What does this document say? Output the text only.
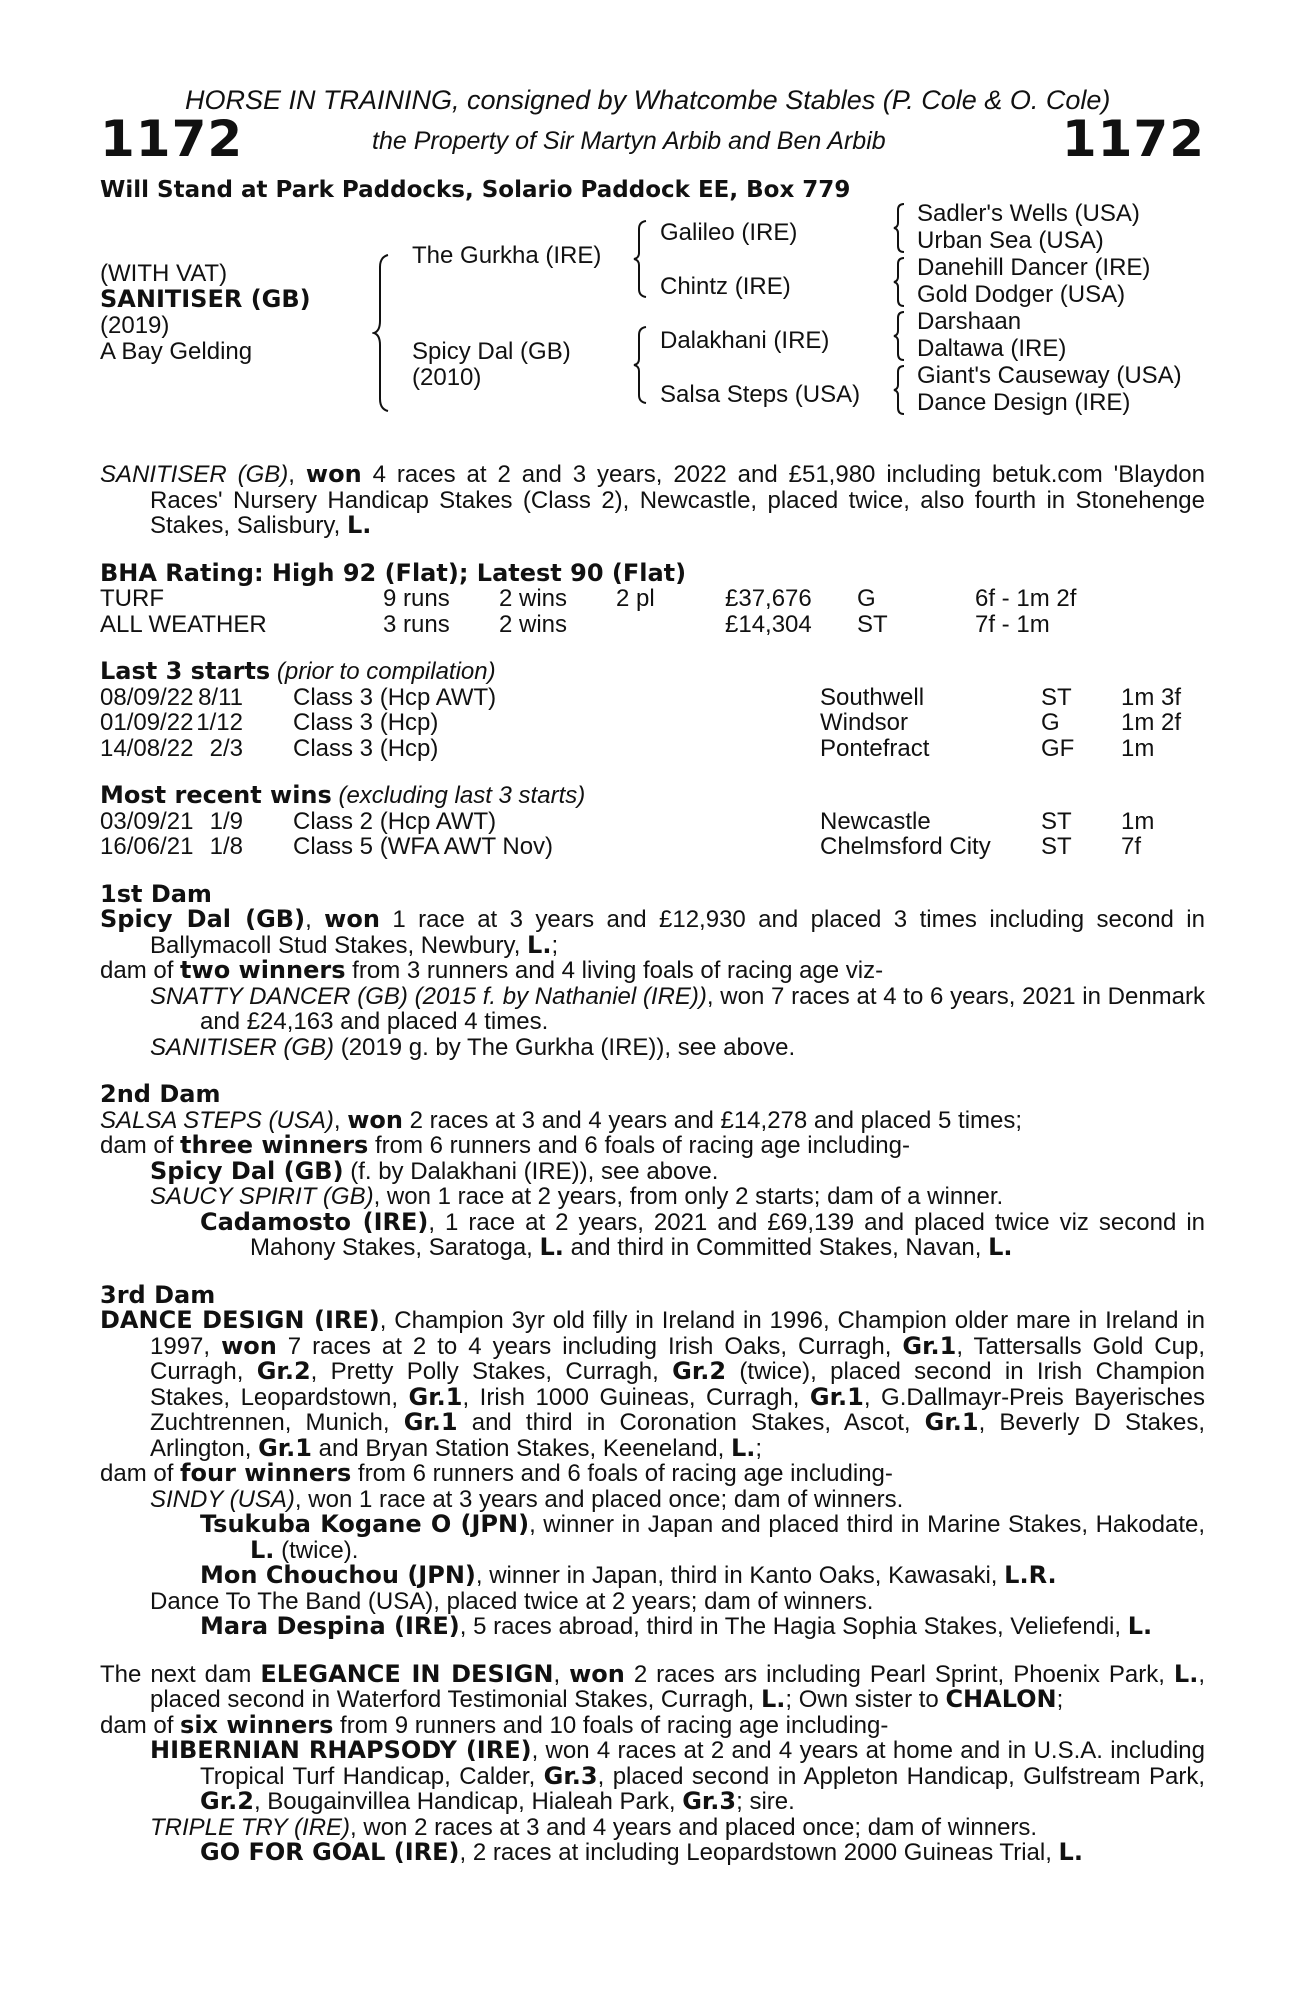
HORSE IN TRAINING, consigned by Whatcombe Stables (P. Cole & O. Cole)
1172	the Property of Sir Martyn Arbib and Ben Arbib	1172
Will Stand at Park Paddocks, Solario Paddock EE, Box 779
(WITH VAT)
SANITISER (GB)
(2019)
A Bay Gelding
The Gurkha (IRE)
Spicy Dal (GB)
(2010)
Galileo (IRE)
Chintz (IRE)
Dalakhani (IRE)
Salsa Steps (USA)
Sadler's Wells (USA)
Urban Sea (USA)
Danehill Dancer (IRE)
Gold Dodger (USA)
Darshaan
Daltawa (IRE)
Giant's Causeway (USA)
Dance Design (IRE)
SANITISER (GB), won 4 races at 2 and 3 years, 2022 and £51,980 including betuk.com 'Blaydon Races' Nursery Handicap Stakes (Class 2), Newcastle, placed twice, also fourth in Stonehenge Stakes, Salisbury, L.
BHA Rating: High 92 (Flat); Latest 90 (Flat)
TURF	9 runs 2 wins 2 pl	£37,676 G	6f - 1m 2f
ALL WEATHER	3 runs 2 wins	£14,304 ST	7f - 1m
Last 3 starts (prior to compilation)
08/09/22 8/11 Class 3 (Hcp AWT)	Southwell	ST 1m 3f
01/09/22 1/12 Class 3 (Hcp)	Windsor	G	1m 2f
14/08/22 2/3 Class 3 (Hcp)	Pontefract	GF 1m
Most recent wins (excluding last 3 starts)
03/09/21 1/9 Class 2 (Hcp AWT)	Newcastle	ST 1m
16/06/21 1/8 Class 5 (WFA AWT Nov)	Chelmsford City ST 7f
1st Dam
Spicy Dal (GB), won 1 race at 3 years and £12,930 and placed 3 times including second in Ballymacoll Stud Stakes, Newbury, L.;
dam of two winners from 3 runners and 4 living foals of racing age viz-
SNATTY DANCER (GB) (2015 f. by Nathaniel (IRE)), won 7 races at 4 to 6 years, 2021 in Denmark and £24,163 and placed 4 times.
SANITISER (GB) (2019 g. by The Gurkha (IRE)), see above.
2nd Dam
SALSA STEPS (USA), won 2 races at 3 and 4 years and £14,278 and placed 5 times;
dam of three winners from 6 runners and 6 foals of racing age including-
Spicy Dal (GB) (f. by Dalakhani (IRE)), see above.
SAUCY SPIRIT (GB), won 1 race at 2 years, from only 2 starts; dam of a winner.
Cadamosto (IRE), 1 race at 2 years, 2021 and £69,139 and placed twice viz second in Mahony Stakes, Saratoga, L. and third in Committed Stakes, Navan, L.
3rd Dam
DANCE DESIGN (IRE), Champion 3yr old filly in Ireland in 1996, Champion older mare in Ireland in 1997, won 7 races at 2 to 4 years including Irish Oaks, Curragh, Gr.1, Tattersalls Gold Cup, Curragh, Gr.2, Pretty Polly Stakes, Curragh, Gr.2 (twice), placed second in Irish Champion Stakes, Leopardstown, Gr.1, Irish 1000 Guineas, Curragh, Gr.1, G.Dallmayr-Preis Bayerisches Zuchtrennen, Munich, Gr.1 and third in Coronation Stakes, Ascot, Gr.1, Beverly D Stakes, Arlington, Gr.1 and Bryan Station Stakes, Keeneland, L.;
dam of four winners from 6 runners and 6 foals of racing age including-
SINDY (USA), won 1 race at 3 years and placed once; dam of winners.
Tsukuba Kogane O (JPN), winner in Japan and placed third in Marine Stakes, Hakodate, L. (twice).
Mon Chouchou (JPN), winner in Japan, third in Kanto Oaks, Kawasaki, L.R.
Dance To The Band (USA), placed twice at 2 years; dam of winners.
Mara Despina (IRE), 5 races abroad, third in The Hagia Sophia Stakes, Veliefendi, L.
The next dam ELEGANCE IN DESIGN, won 2 races ars including Pearl Sprint, Phoenix Park, L., placed second in Waterford Testimonial Stakes, Curragh, L.; Own sister to CHALON;
dam of six winners from 9 runners and 10 foals of racing age including-
HIBERNIAN RHAPSODY (IRE), won 4 races at 2 and 4 years at home and in U.S.A. including Tropical Turf Handicap, Calder, Gr.3, placed second in Appleton Handicap, Gulfstream Park, Gr.2, Bougainvillea Handicap, Hialeah Park, Gr.3; sire.
TRIPLE TRY (IRE), won 2 races at 3 and 4 years and placed once; dam of winners.
GO FOR GOAL (IRE), 2 races at including Leopardstown 2000 Guineas Trial, L.
